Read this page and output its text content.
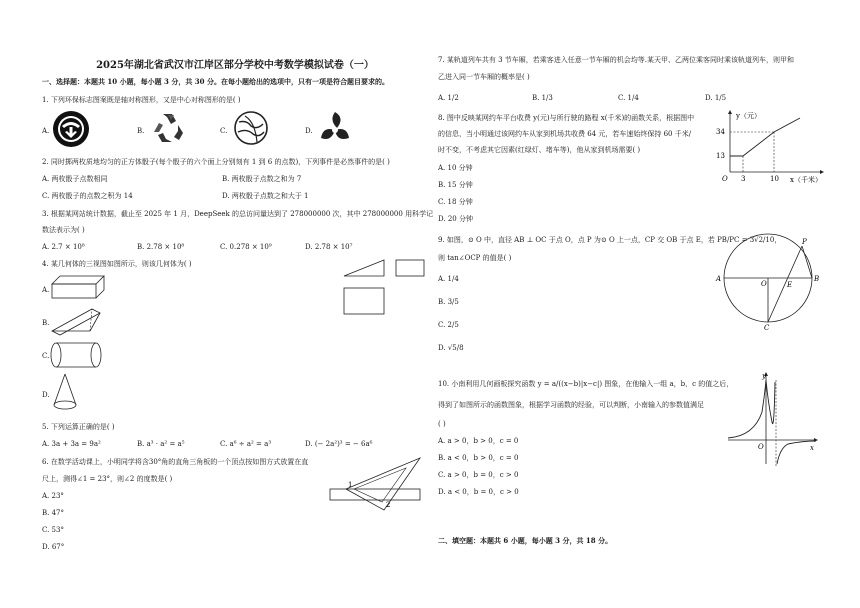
2025年湖北省武汉市江岸区部分学校中考数学模拟试卷（一）
一、选择题：本题共 10 小题，每小题 3 分，共 30 分。在每小题给出的选项中，只有一项是符合题目要求的。
1. 下列环保标志图案既是轴对称图形，又是中心对称图形的是( )
A.	B.	C.	D.
2. 同时掷两枚质地均匀的正方体骰子(每个骰子的六个面上分别刻有 1 到 6 的点数)，下列事件是必然事件的是( )
A. 两枚骰子点数相同	B. 两枚骰子点数之和为 7
C. 两枚骰子的点数之积为 14	D. 两枚骰子点数之和大于 1
3. 根据某网站统计数据，截止至 2025 年 1 月，DeepSeek 的总访问量达到了 278000000 次，其中 278000000 用科学记
数法表示为( )
A. 2.7 × 10⁸	B. 2.78 × 10⁸	C. 0.278 × 10⁹	D. 2.78 × 10⁷
4. 某几何体的三视图如图所示，则该几何体为( )
A.
B.
C.
D.
5. 下列运算正确的是( )
A. 3a + 3a = 9a²	B. a³ · a² = a⁵	C. a⁶ ÷ a² = a³	D. (− 2a²)³ = − 6a⁶
6. 在数学活动课上，小明同学将含30°角的直角三角板的一个顶点按如图方式放置在直
尺上，测得∠1 = 23°，则∠2 的度数是( )
A. 23°
B. 47°
C. 53°
D. 67°
1
2
7. 某轨道列车共有 3 节车厢，若乘客进入任意一节车厢的机会均等.某天甲、乙两位乘客同时乘该轨道列车，则甲和
乙进入同一节车厢的概率是( )
A. 1/2	B. 1/3	C. 1/4	D. 1/5
8. 图中反映某网约车平台收费 y(元)与所行驶的路程 x(千米)的函数关系，根据图中
的信息，当小明通过该网约车从家到机场共收费 64 元，若车速始终保持 60 千米/
时不变，不考虑其它因素(红绿灯、堵车等)，他从家到机场需要( )
A. 10 分钟
B. 15 分钟
C. 18 分钟
D. 20 分钟
y（元）
x（千米）
34
13
3	10
O
9. 如图，⊙ O 中，直径 AB ⊥ OC 于点 O，点 P 为⊙ O 上一点，CP 交 OB 于点 E，若 PB/PC = 3√2/10，
则 tan∠OCP 的值是( )
A. 1/4
B. 3/5
C. 2/5
D. √5/8
A	B
O	E
P
C
10. 小南利用几何画板探究函数 y = a/((x−b)|x−c|) 图象，在他输入一组 a，b，c 的值之后，
得到了如图所示的函数图象，根据学习函数的经验，可以判断，小南输入的参数值满足
( )
A. a > 0，b > 0，c = 0
B. a < 0，b > 0，c = 0
C. a > 0，b = 0，c > 0
D. a < 0，b = 0，c > 0
y
x
O
二、填空题：本题共 6 小题，每小题 3 分，共 18 分。
